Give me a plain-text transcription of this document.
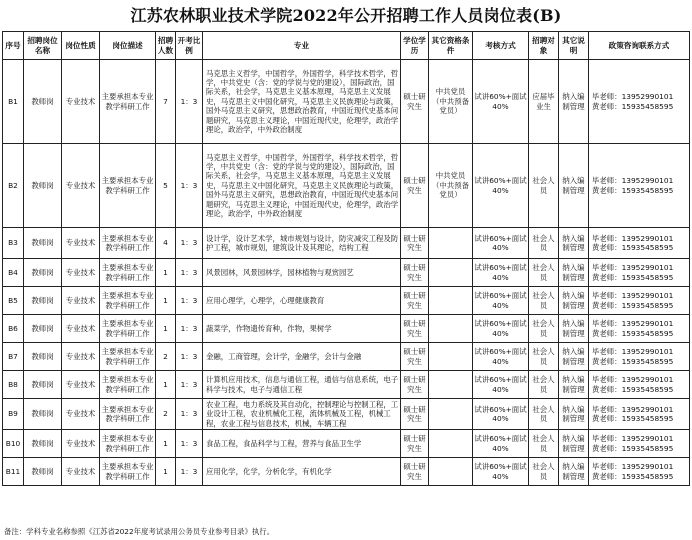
江苏农林职业技术学院2022年公开招聘工作人员岗位表(B)
序号	招聘岗位名称	岗位性质	岗位描述	招聘人数	开考比例	专业	学位学历	其它资格条件	考核方式	招聘对象	其它说明	政策咨询联系方式
B1	教师岗	专业技术	主要承担本专业教学科研工作	7	1：3	马克思主义哲学，中国哲学，外国哲学，科学技术哲学，哲学，中共党史（含：党的学说与党的建设），国际政治，国际关系，社会学，马克思主义基本原理，马克思主义发展史，马克思主义中国化研究，马克思主义民族理论与政策，国外马克思主义研究，思想政治教育，中国近现代史基本问题研究，马克思主义理论，中国近现代史，伦理学，政治学理论，政治学，中外政治制度	硕士研究生	中共党员（中共预备党员）	试讲60%+面试40%	应届毕业生	纳入编制管理	毕老师：13952990101
黄老师：15935458595

B2	教师岗	专业技术	主要承担本专业教学科研工作	5	1：3	马克思主义哲学，中国哲学，外国哲学，科学技术哲学，哲学，中共党史（含：党的学说与党的建设），国际政治，国际关系，社会学，马克思主义基本原理，马克思主义发展史，马克思主义中国化研究，马克思主义民族理论与政策，国外马克思主义研究，思想政治教育，中国近现代史基本问题研究，马克思主义理论，中国近现代史，伦理学，政治学理论，政治学，中外政治制度	硕士研究生	中共党员（中共预备党员）	试讲60%+面试40%	社会人员	纳入编制管理	毕老师：13952990101
黄老师：15935458595

B3	教师岗	专业技术	主要承担本专业教学科研工作	4	1：3	设计学，设计艺术学，城市规划与设计，防灾减灾工程及防护工程，城市规划，建筑设计及其理论，结构工程	硕士研究生		试讲60%+面试40%	社会人员	纳入编制管理	毕老师：13952990101
黄老师：15935458595

B4	教师岗	专业技术	主要承担本专业教学科研工作	1	1：3	风景园林，风景园林学，园林植物与观赏园艺	硕士研究生		试讲60%+面试40%	社会人员	纳入编制管理	毕老师：13952990101
黄老师：15935458595

B5	教师岗	专业技术	主要承担本专业教学科研工作	1	1：3	应用心理学，心理学，心理健康教育	硕士研究生		试讲60%+面试40%	社会人员	纳入编制管理	毕老师：13952990101
黄老师：15935458595

B6	教师岗	专业技术	主要承担本专业教学科研工作	1	1：3	蔬菜学，作物遗传育种，作物，果树学	硕士研究生		试讲60%+面试40%	社会人员	纳入编制管理	毕老师：13952990101
黄老师：15935458595

B7	教师岗	专业技术	主要承担本专业教学科研工作	2	1：3	金融，工商管理，会计学，金融学，会计与金融	硕士研究生		试讲60%+面试40%	社会人员	纳入编制管理	毕老师：13952990101
黄老师：15935458595

B8	教师岗	专业技术	主要承担本专业教学科研工作	1	1：3	计算机应用技术，信息与通信工程，通信与信息系统，电子科学与技术，电子与通信工程	硕士研究生		试讲60%+面试40%	社会人员	纳入编制管理	毕老师：13952990101
黄老师：15935458595

B9	教师岗	专业技术	主要承担本专业教学科研工作	2	1：3	农业工程，电力系统及其自动化，控制理论与控制工程，工业设计工程，农业机械化工程，流体机械及工程，机械工程，农业工程与信息技术，机械，车辆工程	硕士研究生		试讲60%+面试40%	社会人员	纳入编制管理	毕老师：13952990101
黄老师：15935458595

B10	教师岗	专业技术	主要承担本专业教学科研工作	1	1：3	食品工程，食品科学与工程，营养与食品卫生学	硕士研究生		试讲60%+面试40%	社会人员	纳入编制管理	毕老师：13952990101
黄老师：15935458595

B11	教师岗	专业技术	主要承担本专业教学科研工作	1	1：3	应用化学，化学，分析化学，有机化学	硕士研究生		试讲60%+面试40%	社会人员	纳入编制管理	毕老师：13952990101
黄老师：15935458595
备注：学科专业名称参照《江苏省2022年度考试录用公务员专业参考目录》执行。
